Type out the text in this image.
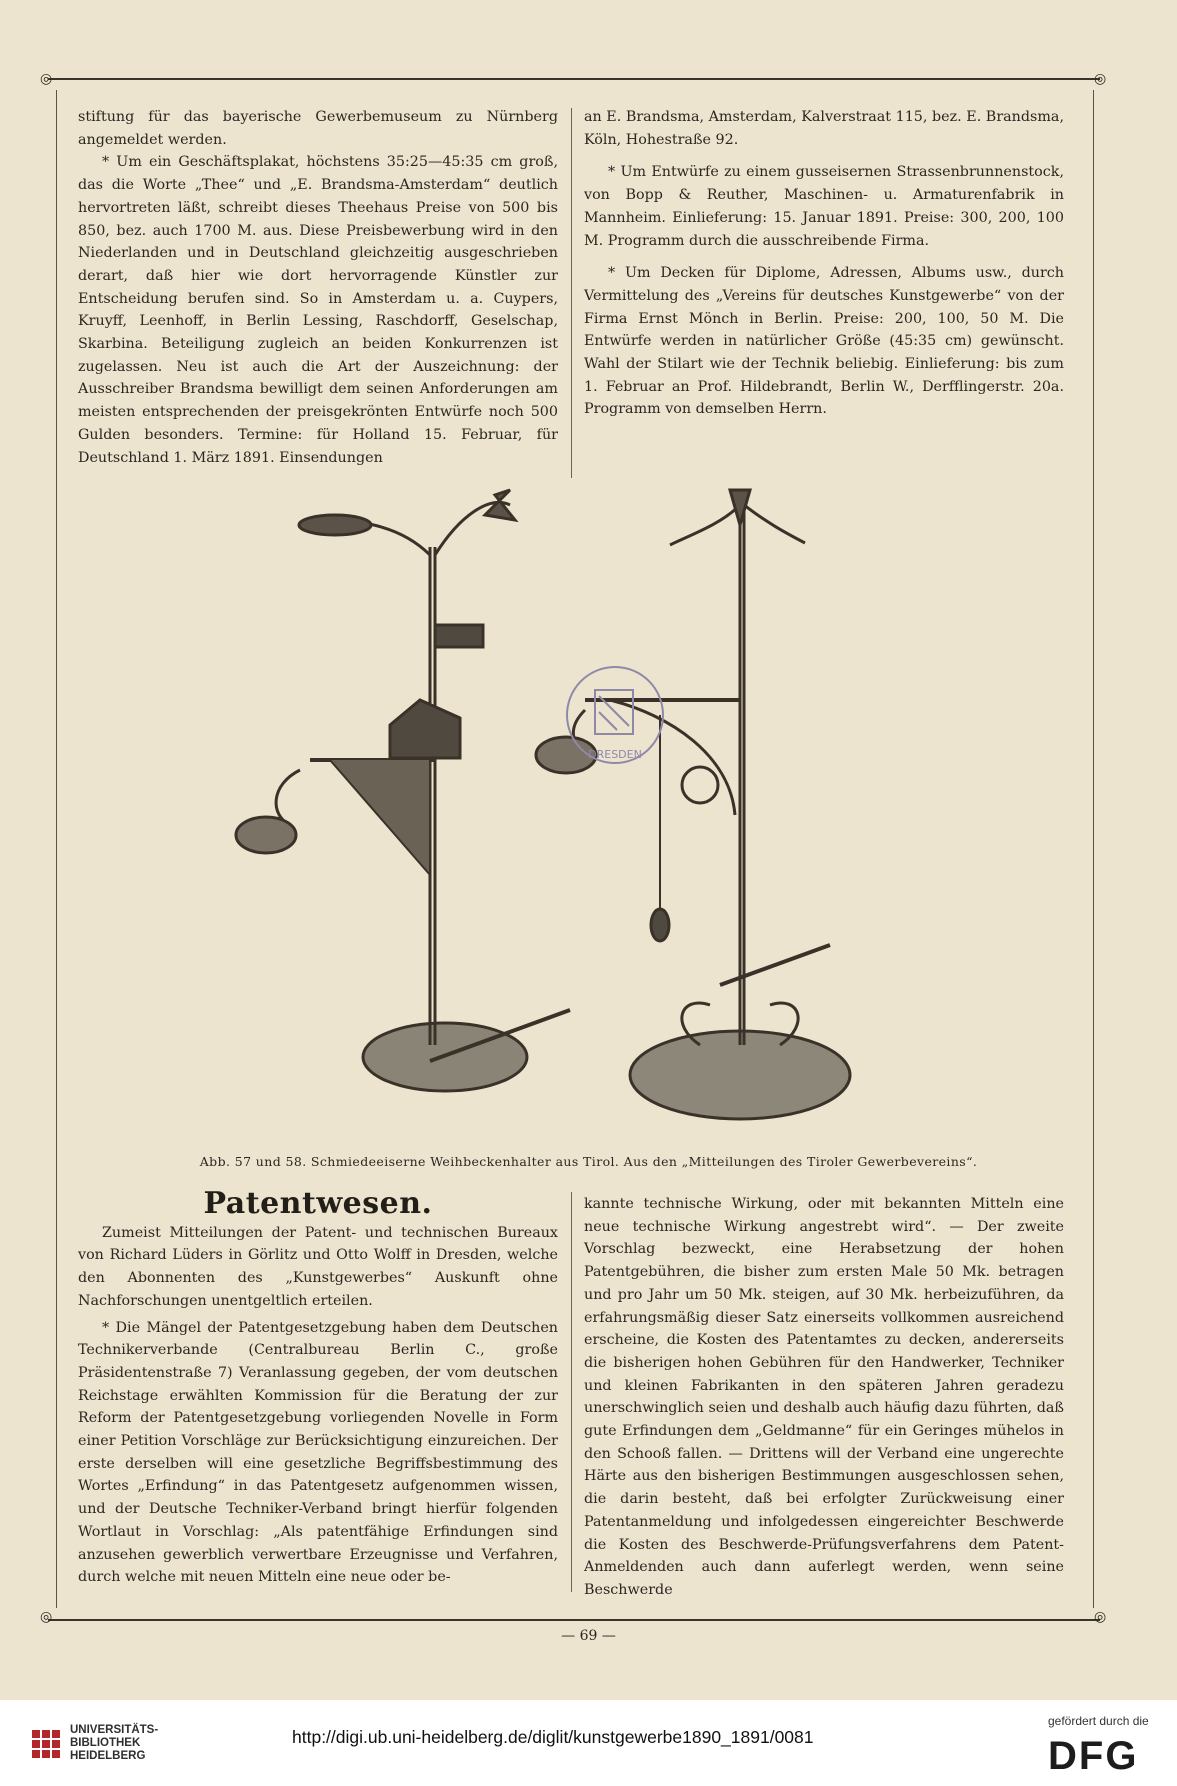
◎	◎
◎	◎

stiftung für das bayerische Gewerbemuseum zu Nürnberg angemeldet werden.

* Um ein Geschäftsplakat, höchstens 35:25—45:35 cm groß, das die Worte „Thee“ und „E. Brandsma-Amsterdam“ deutlich hervortreten läßt, schreibt dieses Theehaus Preise von 500 bis 850, bez. auch 1700 M. aus. Diese Preisbewerbung wird in den Niederlanden und in Deutschland gleichzeitig ausgeschrieben derart, daß hier wie dort hervorragende Künstler zur Entscheidung berufen sind. So in Amsterdam u. a. Cuypers, Kruyff, Leenhoff, in Berlin Lessing, Raschdorff, Geselschap, Skarbina. Beteiligung zugleich an beiden Konkurrenzen ist zugelassen. Neu ist auch die Art der Auszeichnung: der Ausschreiber Brandsma bewilligt dem seinen Anforderungen am meisten entsprechenden der preisgekrönten Entwürfe noch 500 Gulden besonders. Termine: für Holland 15. Februar, für Deutschland 1. März 1891. Einsendungen

an E. Brandsma, Amsterdam, Kalverstraat 115, bez. E. Brandsma, Köln, Hohestraße 92.

* Um Entwürfe zu einem gusseisernen Strassenbrunnenstock, von Bopp & Reuther, Maschinen- u. Armaturenfabrik in Mannheim. Einlieferung: 15. Januar 1891. Preise: 300, 200, 100 M. Programm durch die ausschreibende Firma.

* Um Decken für Diplome, Adressen, Albums usw., durch Vermittelung des „Vereins für deutsches Kunstgewerbe“ von der Firma Ernst Mönch in Berlin. Preise: 200, 100, 50 M. Die Entwürfe werden in natürlicher Größe (45:35 cm) gewünscht. Wahl der Stilart wie der Technik beliebig. Einlieferung: bis zum 1. Februar an Prof. Hildebrandt, Berlin W., Derfflingerstr. 20a. Programm von demselben Herrn.

DRESDEN
Abb. 57 und 58. Schmiedeeiserne Weihbeckenhalter aus Tirol. Aus den „Mitteilungen des Tiroler Gewerbevereins“.
Patentwesen.

Zumeist Mitteilungen der Patent- und technischen Bureaux von Richard Lüders in Görlitz und Otto Wolff in Dresden, welche den Abonnenten des „Kunstgewerbes“ Auskunft ohne Nachforschungen unentgeltlich erteilen.

* Die Mängel der Patentgesetzgebung haben dem Deutschen Technikerverbande (Centralbureau Berlin C., große Präsidentenstraße 7) Veranlassung gegeben, der vom deutschen Reichstage erwählten Kommission für die Beratung der zur Reform der Patentgesetzgebung vorliegenden Novelle in Form einer Petition Vorschläge zur Berücksichtigung einzureichen. Der erste derselben will eine gesetzliche Begriffsbestimmung des Wortes „Erfindung“ in das Patentgesetz aufgenommen wissen, und der Deutsche Techniker-Verband bringt hierfür folgenden Wortlaut in Vorschlag: „Als patentfähige Erfindungen sind anzusehen gewerblich verwertbare Erzeugnisse und Verfahren, durch welche mit neuen Mitteln eine neue oder be-

kannte technische Wirkung, oder mit bekannten Mitteln eine neue technische Wirkung angestrebt wird“. — Der zweite Vorschlag bezweckt, eine Herabsetzung der hohen Patentgebühren, die bisher zum ersten Male 50 Mk. betragen und pro Jahr um 50 Mk. steigen, auf 30 Mk. herbeizuführen, da erfahrungsmäßig dieser Satz einerseits vollkommen ausreichend erscheine, die Kosten des Patentamtes zu decken, andererseits die bisherigen hohen Gebühren für den Handwerker, Techniker und kleinen Fabrikanten in den späteren Jahren geradezu unerschwinglich seien und deshalb auch häufig dazu führten, daß gute Erfindungen dem „Geldmanne“ für ein Geringes mühelos in den Schooß fallen. — Drittens will der Verband eine ungerechte Härte aus den bisherigen Bestimmungen ausgeschlossen sehen, die darin besteht, daß bei erfolgter Zurückweisung einer Patentanmeldung und infolgedessen eingereichter Beschwerde die Kosten des Beschwerde-Prüfungsverfahrens dem Patent-Anmeldenden auch dann auferlegt werden, wenn seine Beschwerde

— 69 —
UNIVERSITÄTS-
BIBLIOTHEK
HEIDELBERG
http://digi.ub.uni-heidelberg.de/diglit/kunstgewerbe1890_1891/0081
gefördert durch die
DFG
